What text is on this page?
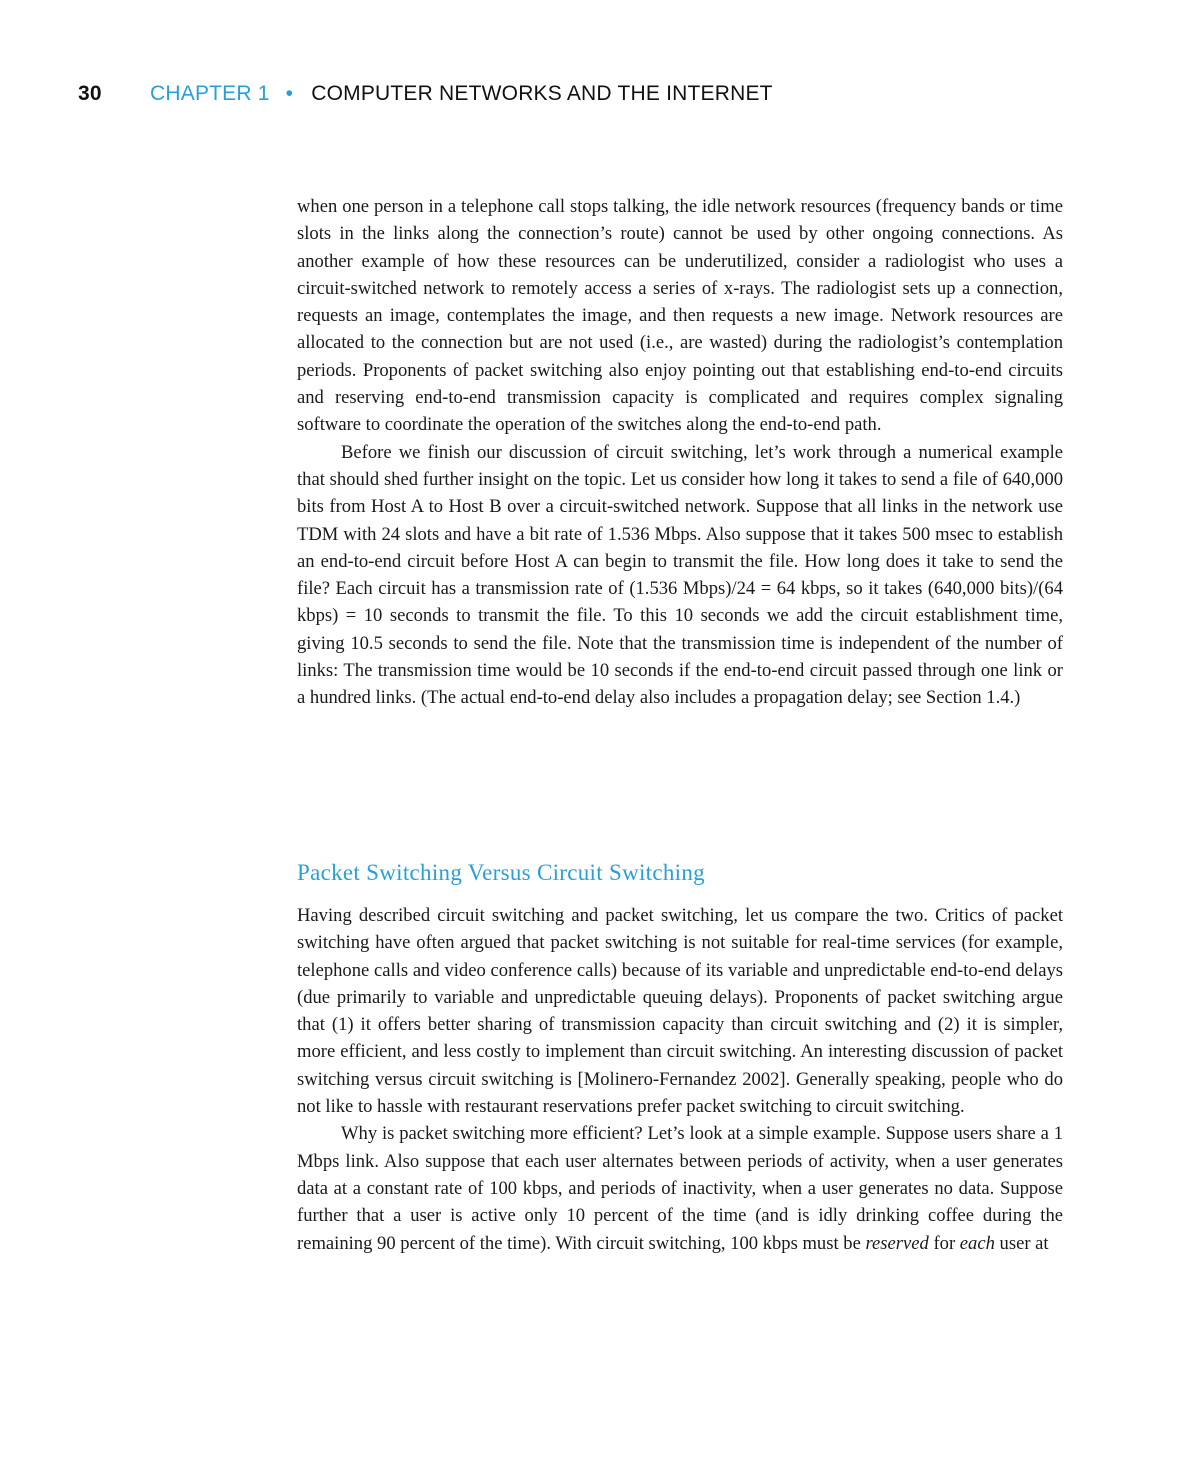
30	CHAPTER 1 • COMPUTER NETWORKS AND THE INTERNET

when one person in a telephone call stops talking, the idle network resources (frequency bands or time slots in the links along the connection’s route) cannot be used by other ongoing connections. As another example of how these resources can be underutilized, consider a radiologist who uses a circuit-switched network to remotely access a series of x-rays. The radiologist sets up a connection, requests an image, contemplates the image, and then requests a new image. Network resources are allocated to the connection but are not used (i.e., are wasted) during the radiologist’s contemplation periods. Proponents of packet switching also enjoy pointing out that establishing end-to-end circuits and reserving end-to-end transmission capacity is complicated and requires complex signaling software to coordinate the operation of the switches along the end-to-end path.

Before we finish our discussion of circuit switching, let’s work through a numerical example that should shed further insight on the topic. Let us consider how long it takes to send a file of 640,000 bits from Host A to Host B over a circuit-switched network. Suppose that all links in the network use TDM with 24 slots and have a bit rate of 1.536 Mbps. Also suppose that it takes 500 msec to establish an end-to-end circuit before Host A can begin to transmit the file. How long does it take to send the file? Each circuit has a transmission rate of (1.536 Mbps)/24 = 64 kbps, so it takes (640,000 bits)/(64 kbps) = 10 seconds to transmit the file. To this 10 seconds we add the circuit establishment time, giving 10.5 seconds to send the file. Note that the transmission time is independent of the number of links: The transmission time would be 10 seconds if the end-to-end circuit passed through one link or a hundred links. (The actual end-to-end delay also includes a propagation delay; see Section 1.4.)

Packet Switching Versus Circuit Switching

Having described circuit switching and packet switching, let us compare the two. Critics of packet switching have often argued that packet switching is not suitable for real-time services (for example, telephone calls and video conference calls) because of its variable and unpredictable end-to-end delays (due primarily to variable and unpredictable queuing delays). Proponents of packet switching argue that (1) it offers better sharing of transmission capacity than circuit switching and (2) it is simpler, more efficient, and less costly to implement than circuit switching. An interesting discussion of packet switching versus circuit switching is [Molinero-Fernandez 2002]. Generally speaking, people who do not like to hassle with restaurant reservations prefer packet switching to circuit switching.

Why is packet switching more efficient? Let’s look at a simple example. Suppose users share a 1 Mbps link. Also suppose that each user alternates between periods of activity, when a user generates data at a constant rate of 100 kbps, and periods of inactivity, when a user generates no data. Suppose further that a user is active only 10 percent of the time (and is idly drinking coffee during the remaining 90 percent of the time). With circuit switching, 100 kbps must be reserved for each user at
